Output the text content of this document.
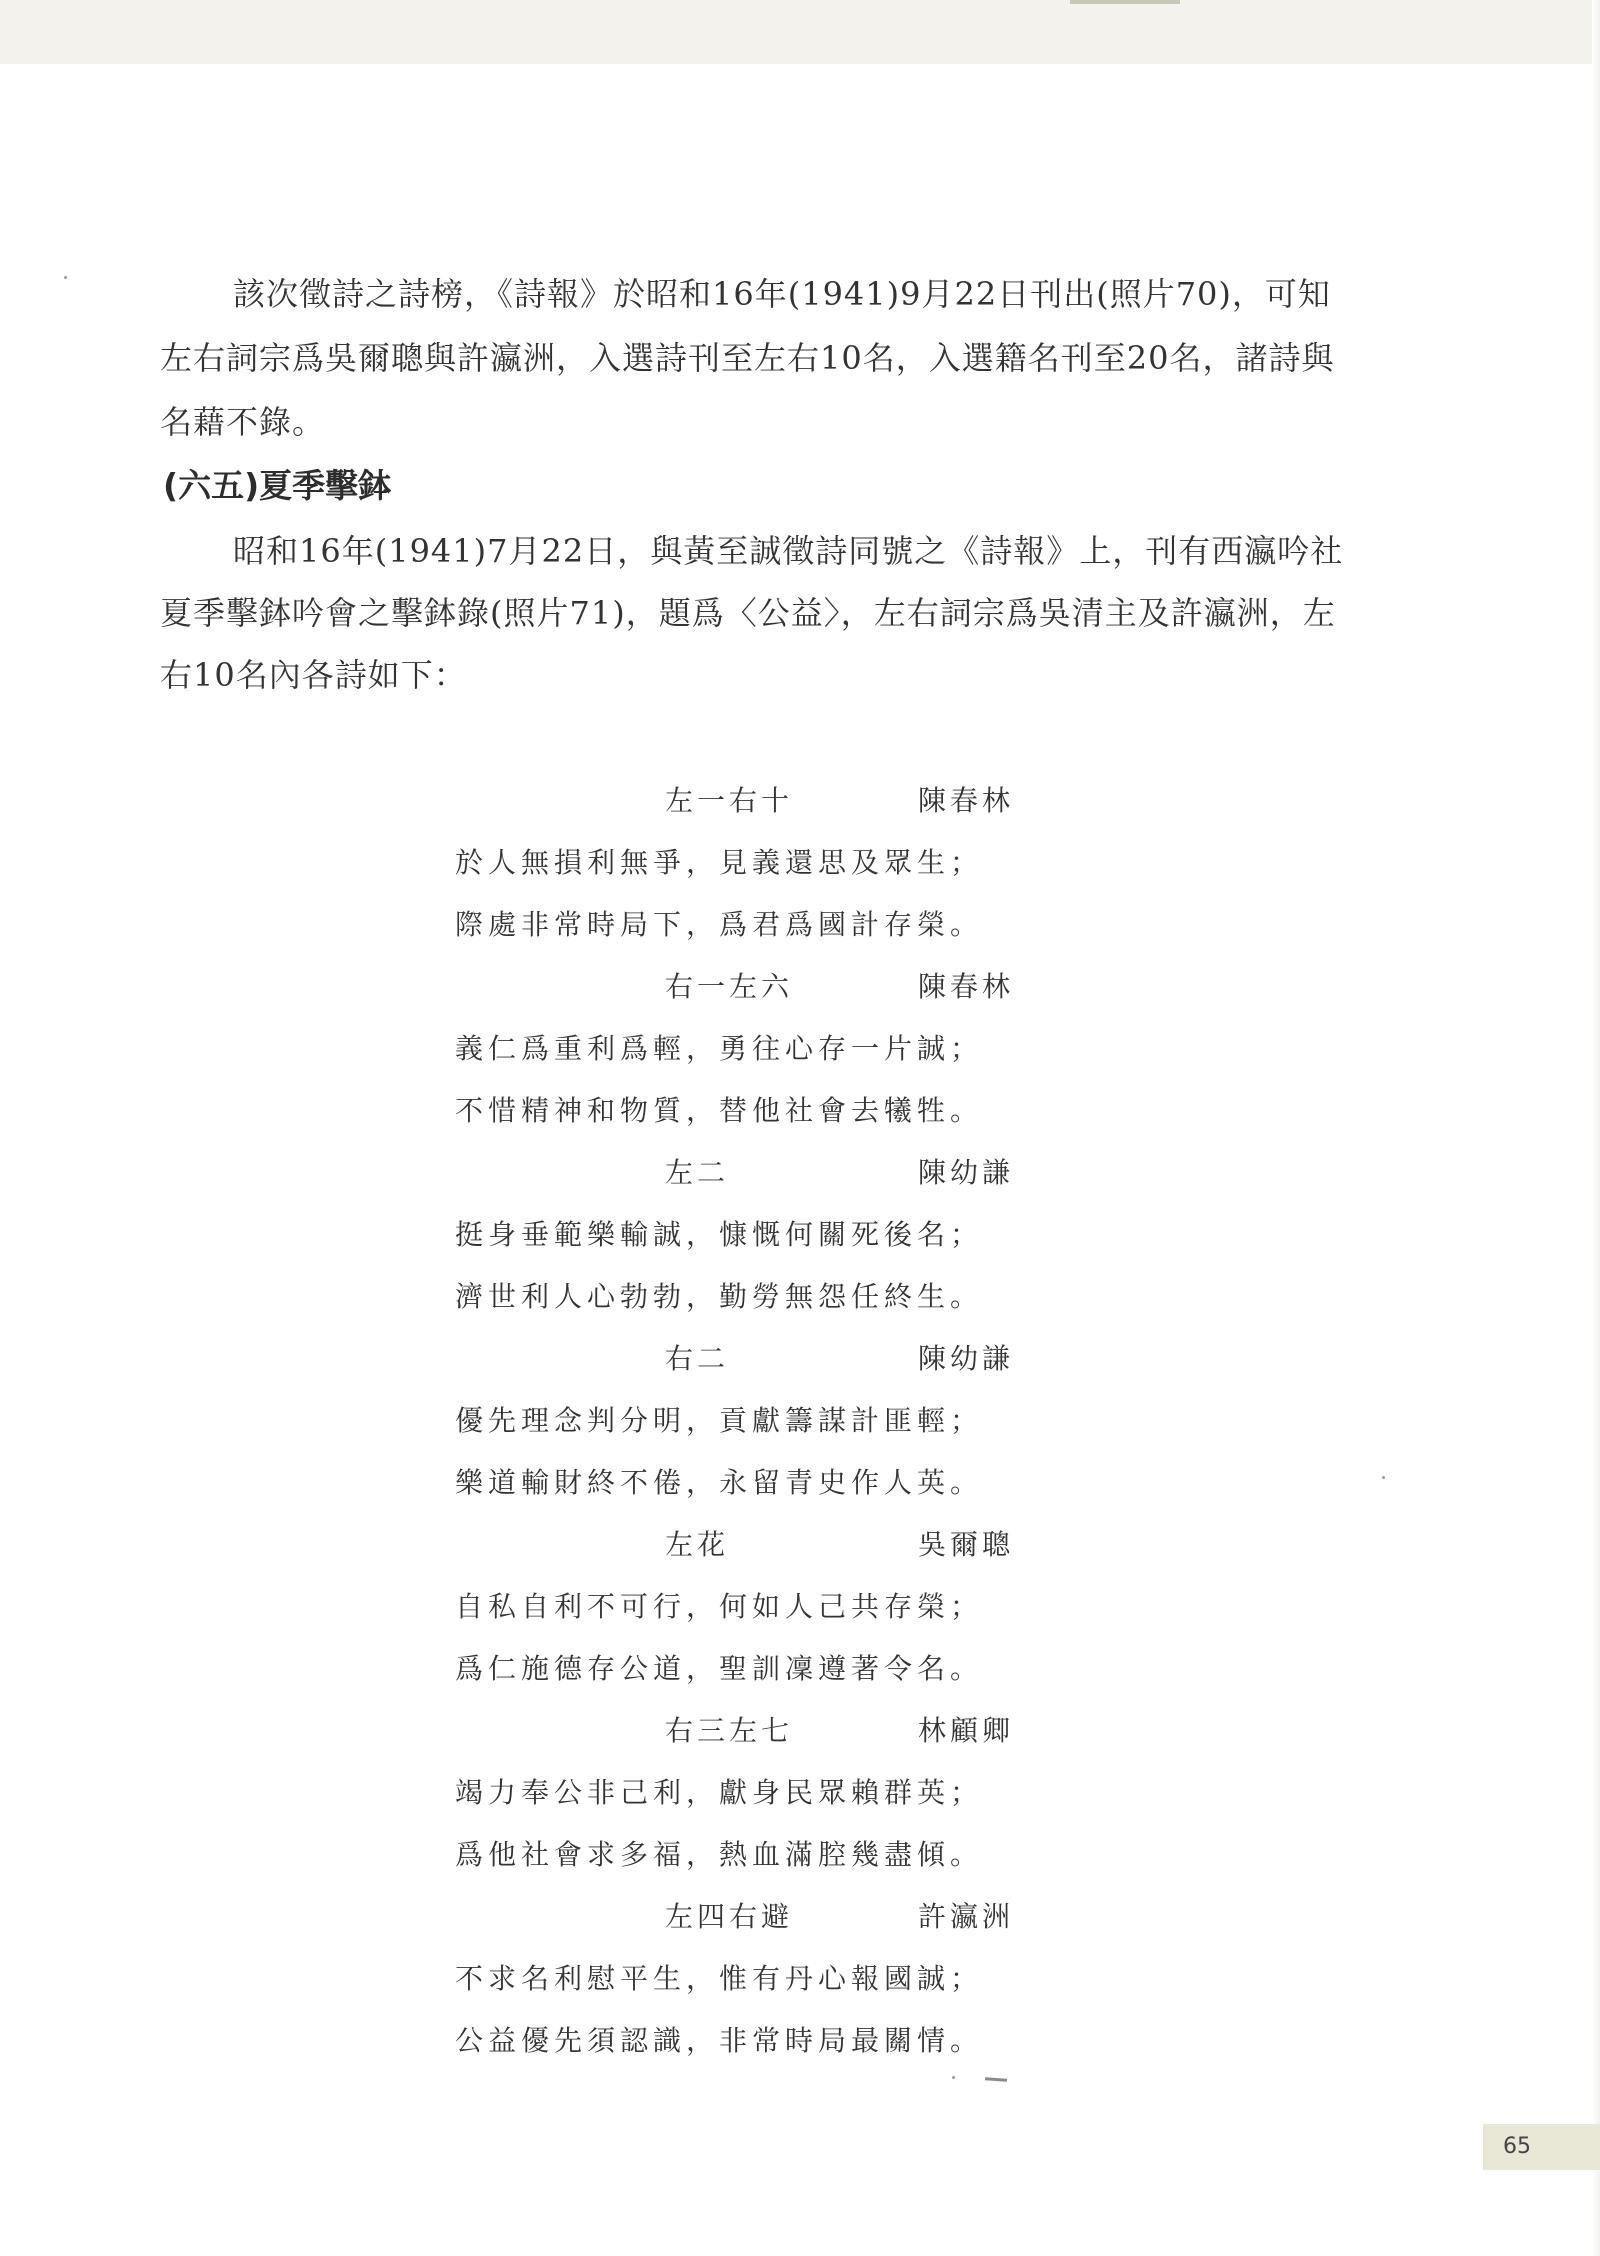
該次徵詩之詩榜，《詩報》於昭和16年(1941)9月22日刊出(照片70)，可知左右詞宗爲吳爾聰與許瀛洲，入選詩刊至左右10名，入選籍名刊至20名，諸詩與名藉不錄。

(六五)夏季擊鉢

昭和16年(1941)7月22日，與黃至誠徵詩同號之《詩報》上，刊有西瀛吟社夏季擊鉢吟會之擊鉢錄(照片71)，題爲〈公益〉，左右詞宗爲吳清主及許瀛洲，左右10名內各詩如下：

左一右十	陳春林
於人無損利無爭，見義還思及眾生；
際處非常時局下，爲君爲國計存榮。
右一左六	陳春林
義仁爲重利爲輕，勇往心存一片誠；
不惜精神和物質，替他社會去犧牲。
左二	陳幼謙
挺身垂範樂輸誠，慷慨何關死後名；
濟世利人心勃勃，勤勞無怨任終生。
右二	陳幼謙
優先理念判分明，貢獻籌謀計匪輕；
樂道輸財終不倦，永留青史作人英。
左花	吳爾聰
自私自利不可行，何如人己共存榮；
爲仁施德存公道，聖訓凜遵著令名。
右三左七	林顧卿
竭力奉公非己利，獻身民眾賴群英；
爲他社會求多福，熱血滿腔幾盡傾。
左四右避	許瀛洲
不求名利慰平生，惟有丹心報國誠；
公益優先須認識，非常時局最關情。
65
